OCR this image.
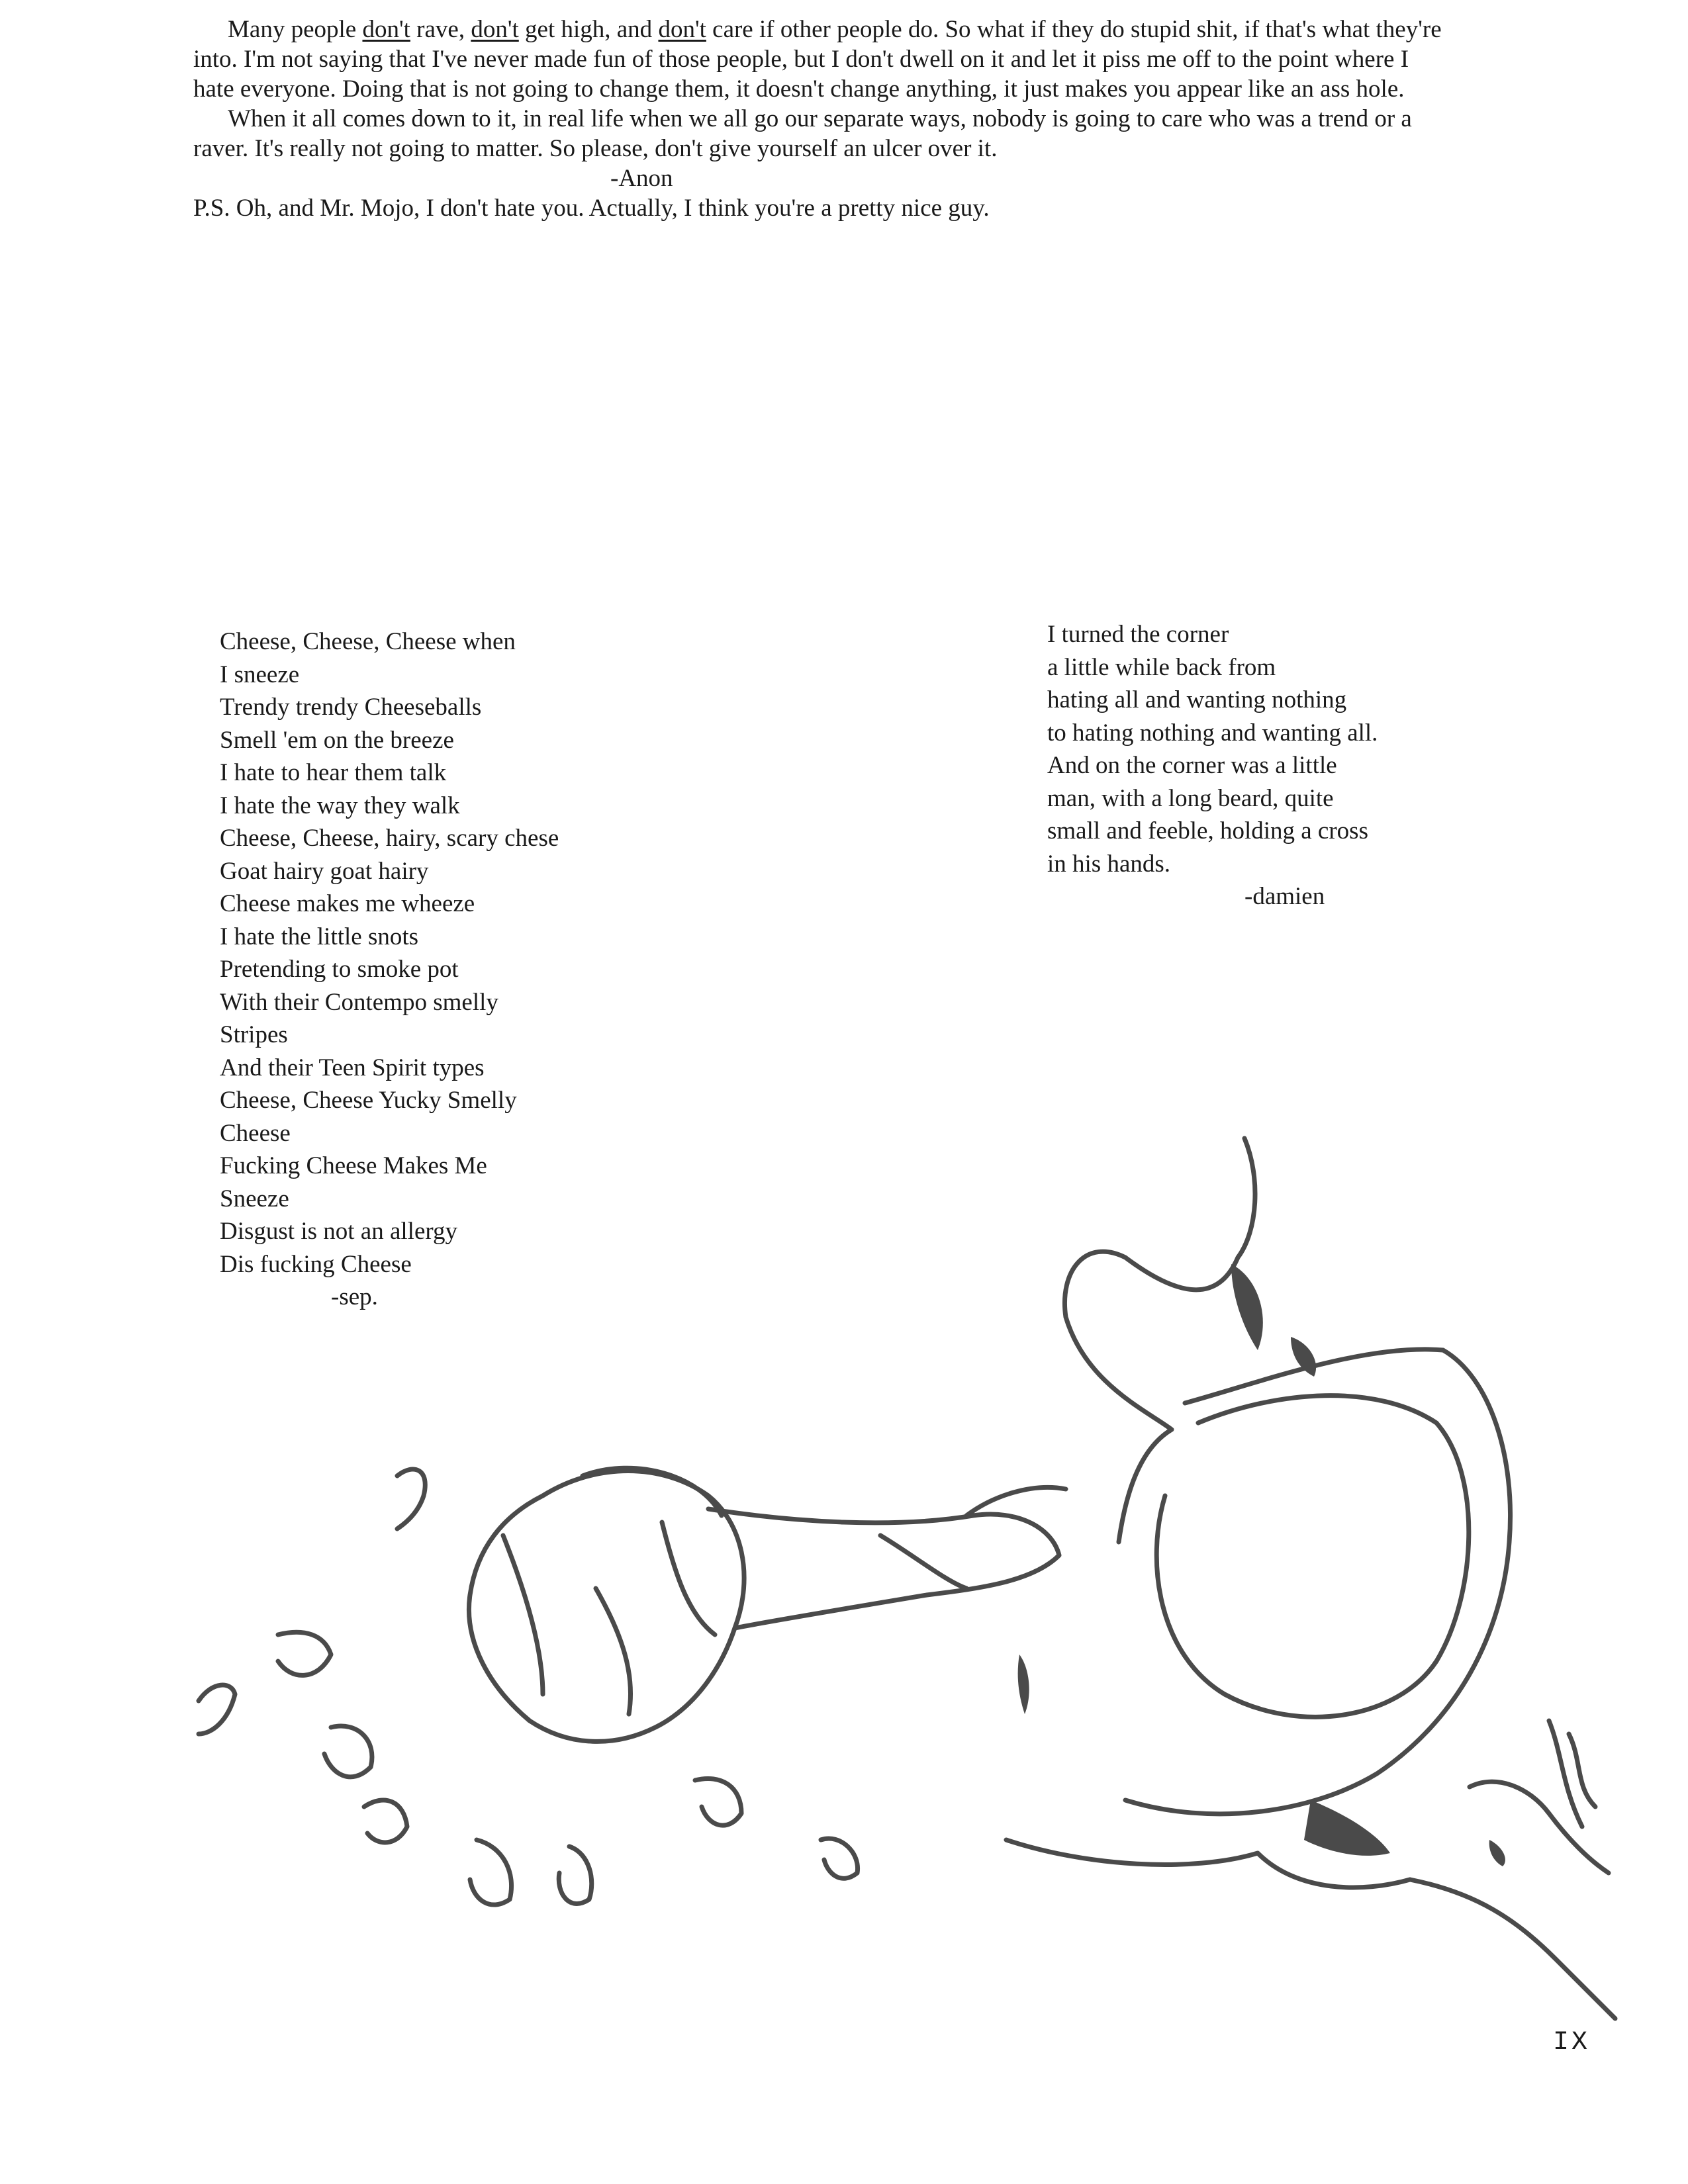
Many people don't rave, don't get high, and don't care if other people do. So what if they do stupid shit, if that's what they're into. I'm not saying that I've never made fun of those people, but I don't dwell on it and let it piss me off to the point where I hate everyone. Doing that is not going to change them, it doesn't change anything, it just makes you appear like an ass hole.

When it all comes down to it, in real life when we all go our separate ways, nobody is going to care who was a trend or a raver. It's really not going to matter. So please, don't give yourself an ulcer over it.

-Anon

P.S. Oh, and Mr. Mojo, I don't hate you. Actually, I think you're a pretty nice guy.

Cheese, Cheese, Cheese when
I sneeze
Trendy trendy Cheeseballs
Smell 'em on the breeze
I hate to hear them talk
I hate the way they walk
Cheese, Cheese, hairy, scary chese
Goat hairy goat hairy
Cheese makes me wheeze
I hate the little snots
Pretending to smoke pot
With their Contempo smelly
Stripes
And their Teen Spirit types
Cheese, Cheese Yucky Smelly
Cheese
Fucking Cheese Makes Me
Sneeze
Disgust is not an allergy
Dis fucking Cheese
-sep.
I turned the corner
a little while back from
hating all and wanting nothing
to hating nothing and wanting all.
And on the corner was a little
man, with a long beard, quite
small and feeble, holding a cross
in his hands.
-damien
IX
